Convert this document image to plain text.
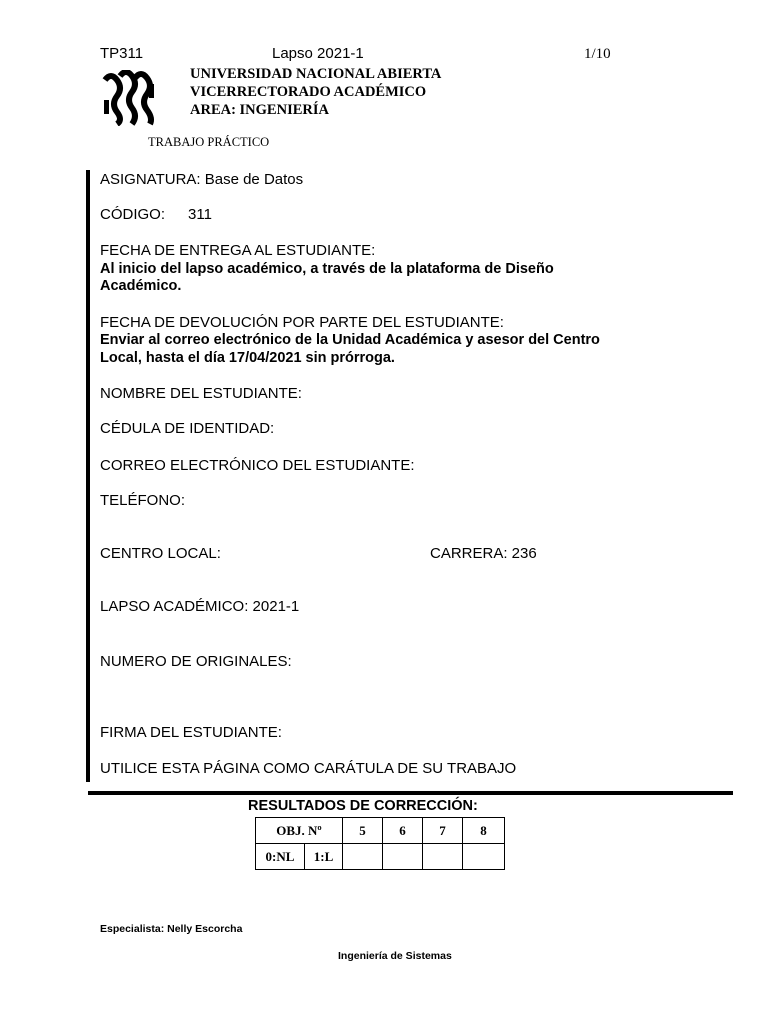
TP311	Lapso 2021-1	1/10
UNIVERSIDAD NACIONAL ABIERTA
VICERRECTORADO ACADÉMICO
AREA: INGENIERÍA
TRABAJO PRÁCTICO
ASIGNATURA: Base de Datos
CÓDIGO: 311
FECHA DE ENTREGA AL ESTUDIANTE:
Al inicio del lapso académico, a través de la plataforma de Diseño
Académico.
FECHA DE DEVOLUCIÓN POR PARTE DEL ESTUDIANTE:
Enviar al correo electrónico de la Unidad Académica y asesor del Centro
Local, hasta el día 17/04/2021 sin prórroga.
NOMBRE DEL ESTUDIANTE:
CÉDULA DE IDENTIDAD:
CORREO ELECTRÓNICO DEL ESTUDIANTE:
TELÉFONO:
CENTRO LOCAL:	CARRERA: 236
LAPSO ACADÉMICO: 2021-1
NUMERO DE ORIGINALES:
FIRMA DEL ESTUDIANTE:
UTILICE ESTA PÁGINA COMO CARÁTULA DE SU TRABAJO
RESULTADOS DE CORRECCIÓN:
OBJ. Nº		5	6	7	8
0:NL	1:L				
Especialista: Nelly Escorcha
Ingeniería de Sistemas
